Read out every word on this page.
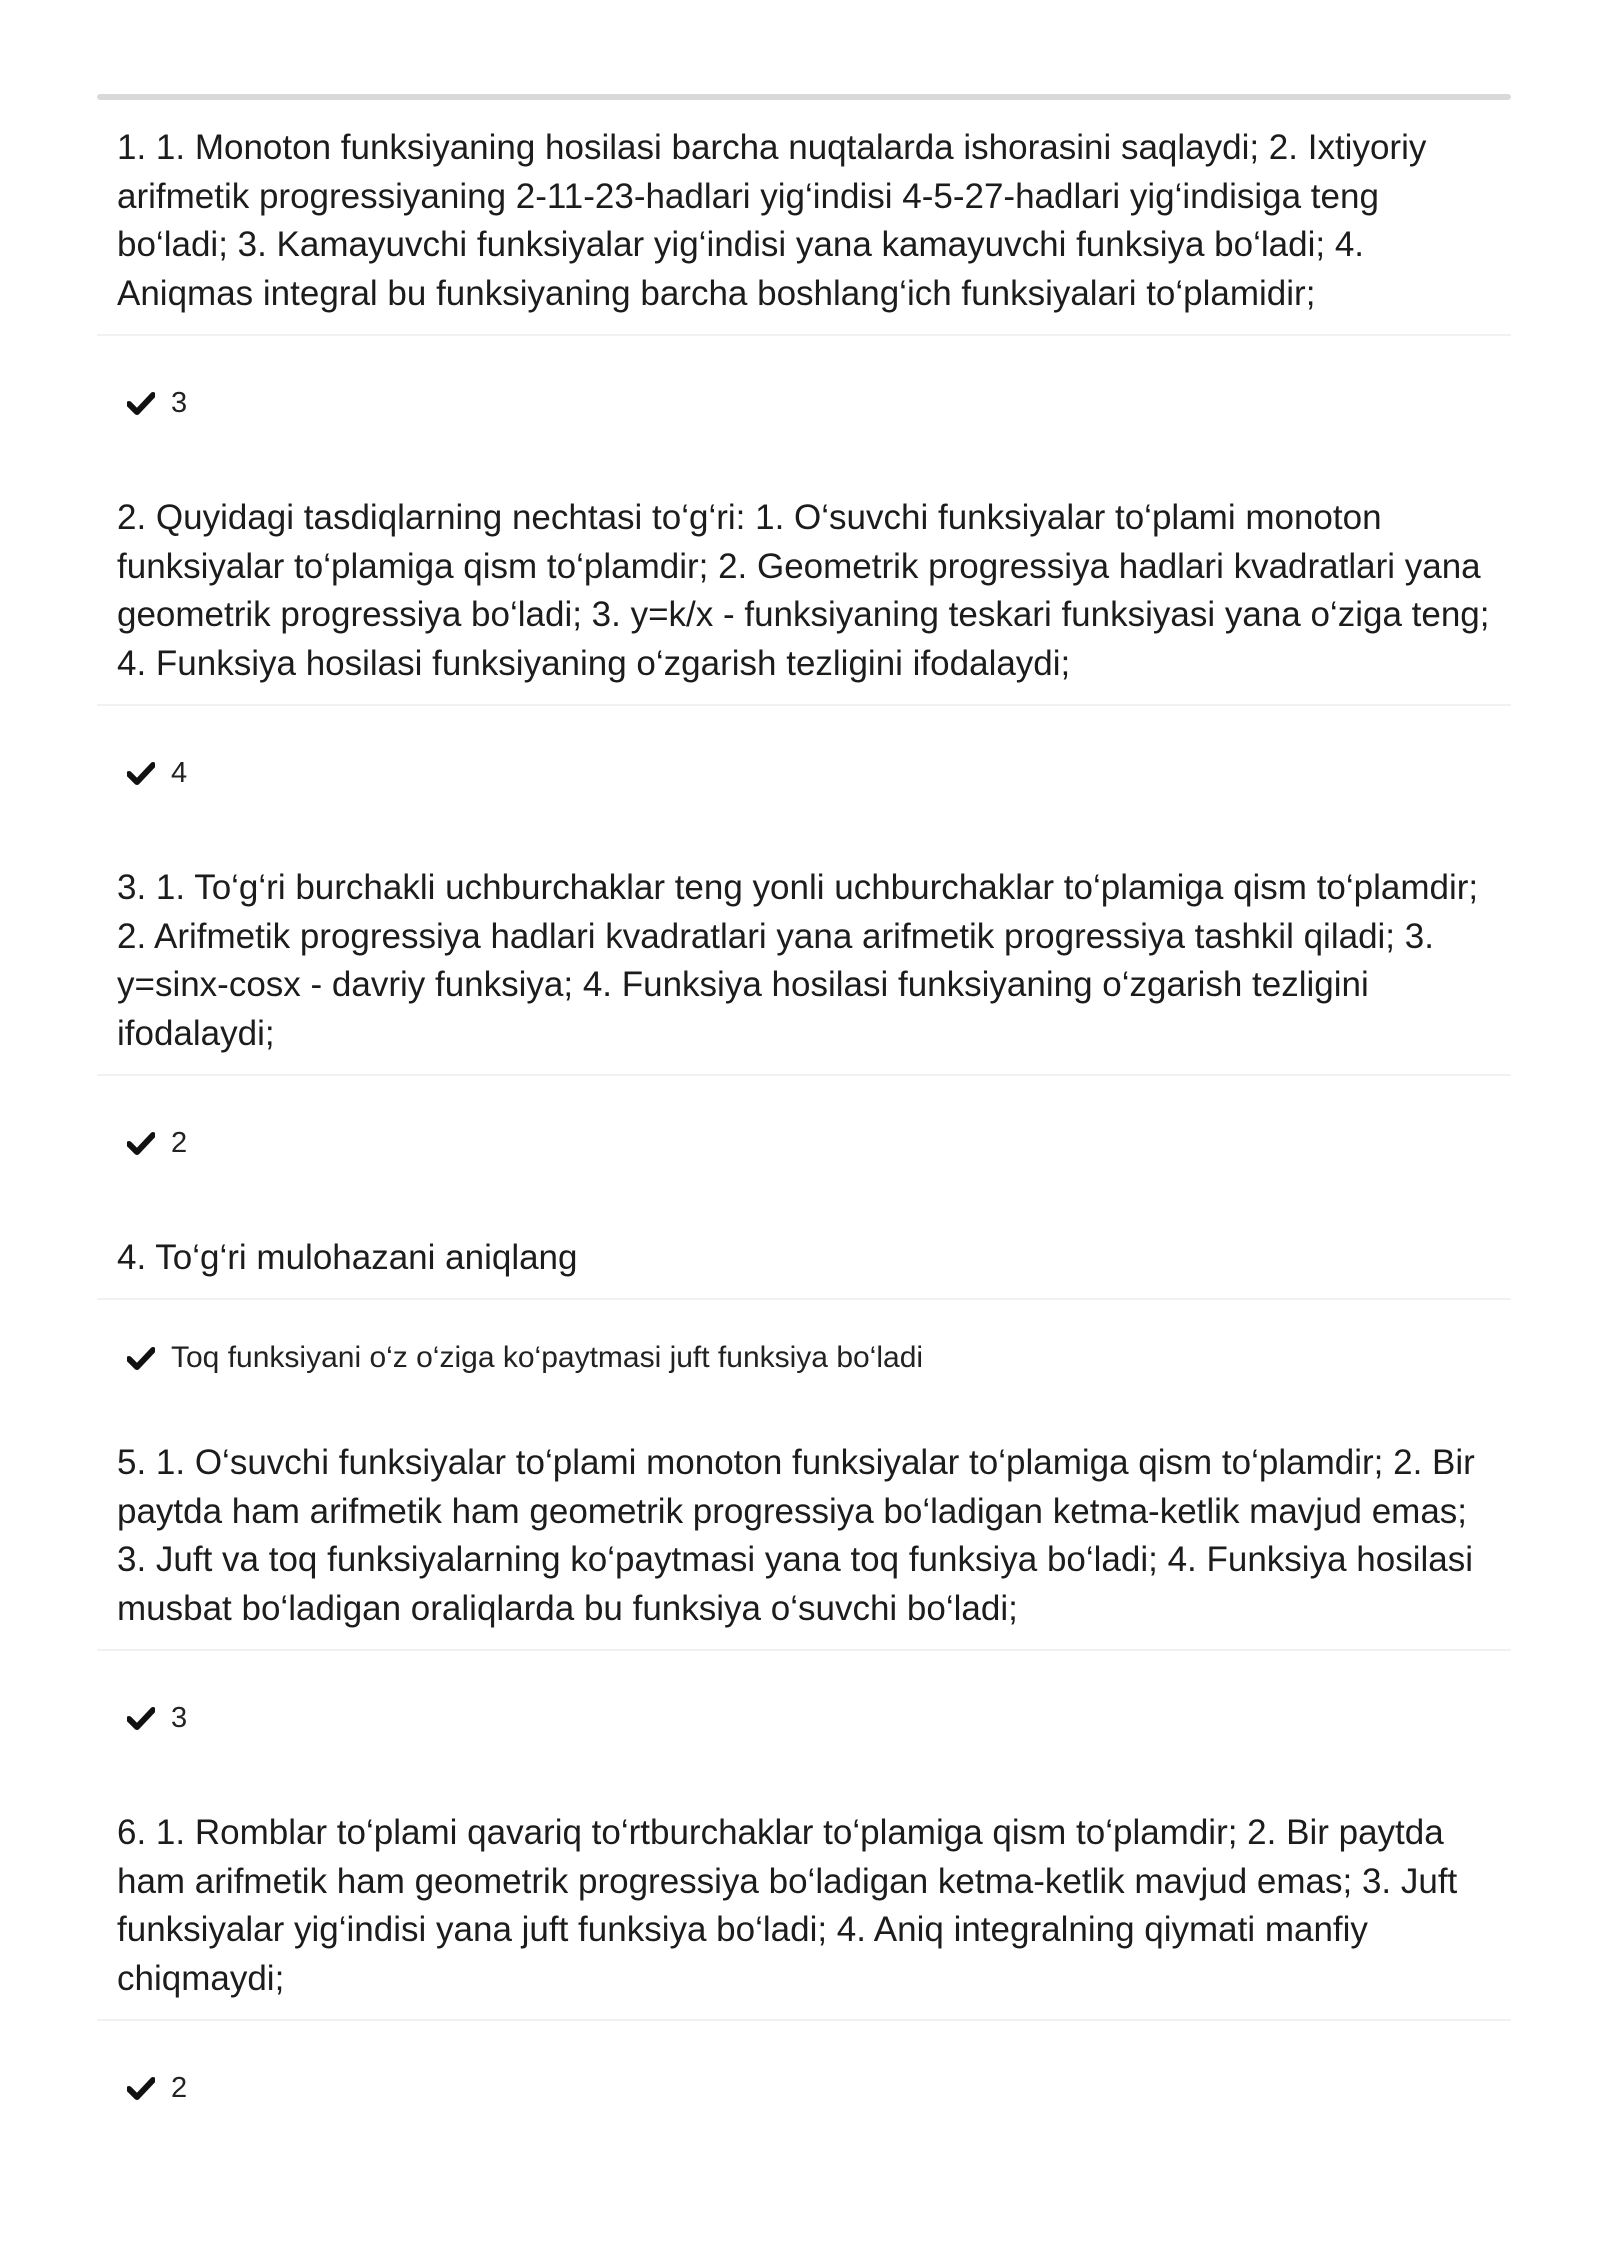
1. 1. Monoton funksiyaning hosilasi barcha nuqtalarda ishorasini saqlaydi; 2. Ixtiyoriy arifmetik progressiyaning 2-11-23-hadlari yig‘indisi 4-5-27-hadlari yig‘indisiga teng bo‘ladi; 3. Kamayuvchi funksiyalar yig‘indisi yana kamayuvchi funksiya bo‘ladi; 4. Aniqmas integral bu funksiyaning barcha boshlang‘ich funksiyalari to‘plamidir;
3
2. Quyidagi tasdiqlarning nechtasi to‘g‘ri: 1. O‘suvchi funksiyalar to‘plami monoton funksiyalar to‘plamiga qism to‘plamdir; 2. Geometrik progressiya hadlari kvadratlari yana geometrik progressiya bo‘ladi; 3. y=k/x - funksiyaning teskari funksiyasi yana o‘ziga teng; 4. Funksiya hosilasi funksiyaning o‘zgarish tezligini ifodalaydi;
4
3. 1. To‘g‘ri burchakli uchburchaklar teng yonli uchburchaklar to‘plamiga qism to‘plamdir; 2. Arifmetik progressiya hadlari kvadratlari yana arifmetik progressiya tashkil qiladi; 3. y=sinx-cosx - davriy funksiya; 4. Funksiya hosilasi funksiyaning o‘zgarish tezligini ifodalaydi;
2
4. To‘g‘ri mulohazani aniqlang
Toq funksiyani o‘z o‘ziga ko‘paytmasi juft funksiya bo‘ladi
5. 1. O‘suvchi funksiyalar to‘plami monoton funksiyalar to‘plamiga qism to‘plamdir; 2. Bir paytda ham arifmetik ham geometrik progressiya bo‘ladigan ketma-ketlik mavjud emas; 3. Juft va toq funksiyalarning ko‘paytmasi yana toq funksiya bo‘ladi; 4. Funksiya hosilasi musbat bo‘ladigan oraliqlarda bu funksiya o‘suvchi bo‘ladi;
3
6. 1. Romblar to‘plami qavariq to‘rtburchaklar to‘plamiga qism to‘plamdir; 2. Bir paytda ham arifmetik ham geometrik progressiya bo‘ladigan ketma-ketlik mavjud emas; 3. Juft funksiyalar yig‘indisi yana juft funksiya bo‘ladi; 4. Aniq integralning qiymati manfiy chiqmaydi;
2
